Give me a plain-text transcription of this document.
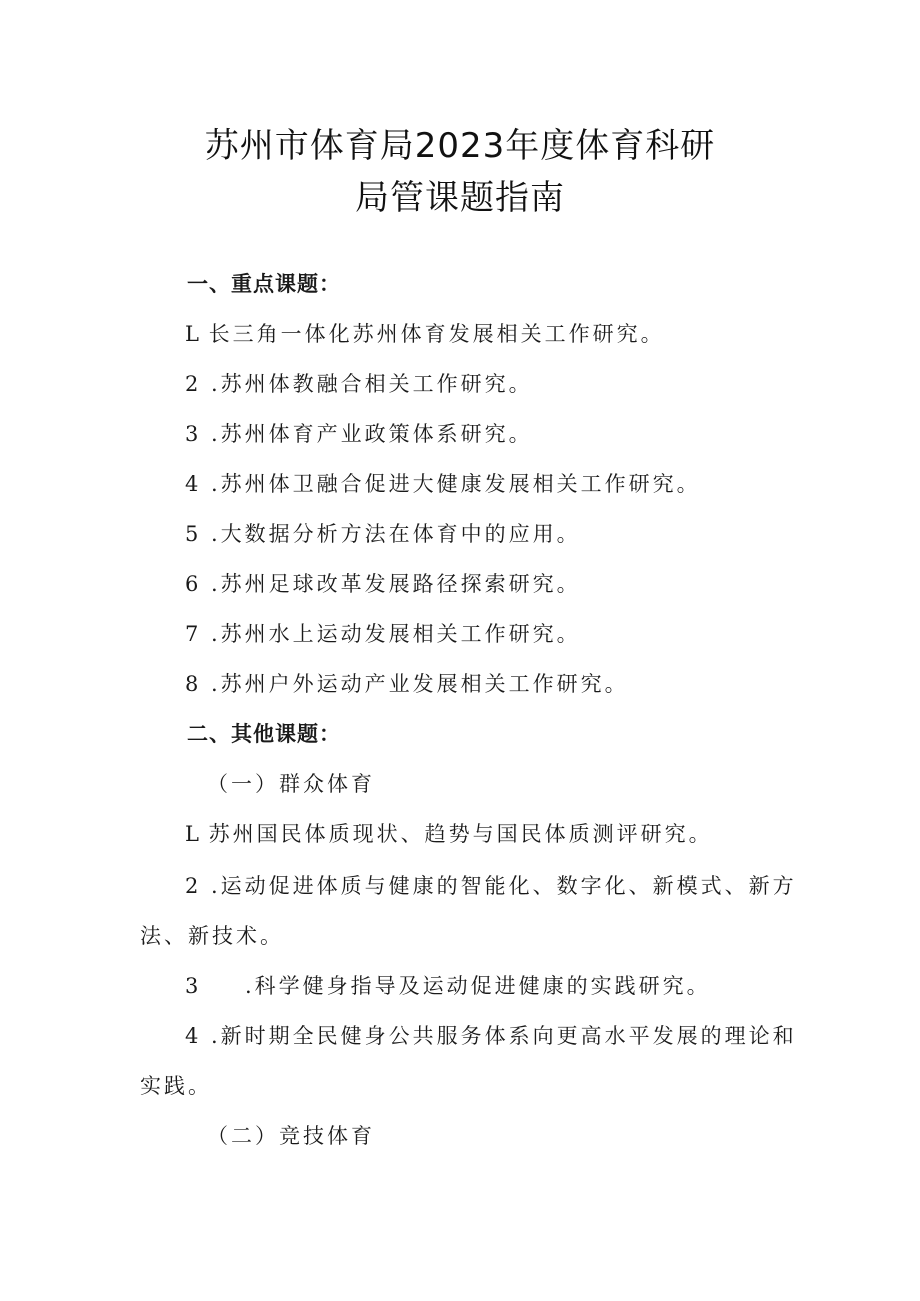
苏州市体育局2023年度体育科研
局管课题指南
一、重点课题：
L 长三角一体化苏州体育发展相关工作研究。
2 .苏州体教融合相关工作研究。
3 .苏州体育产业政策体系研究。
4 .苏州体卫融合促进大健康发展相关工作研究。
5 .大数据分析方法在体育中的应用。
6 .苏州足球改革发展路径探索研究。
7 .苏州水上运动发展相关工作研究。
8 .苏州户外运动产业发展相关工作研究。
二、其他课题：
（一）群众体育
L 苏州国民体质现状、趋势与国民体质测评研究。
2 .运动促进体质与健康的智能化、数字化、新模式、新方
法、新技术。
3 .科学健身指导及运动促进健康的实践研究。
4 .新时期全民健身公共服务体系向更高水平发展的理论和
实践。
（二）竞技体育
